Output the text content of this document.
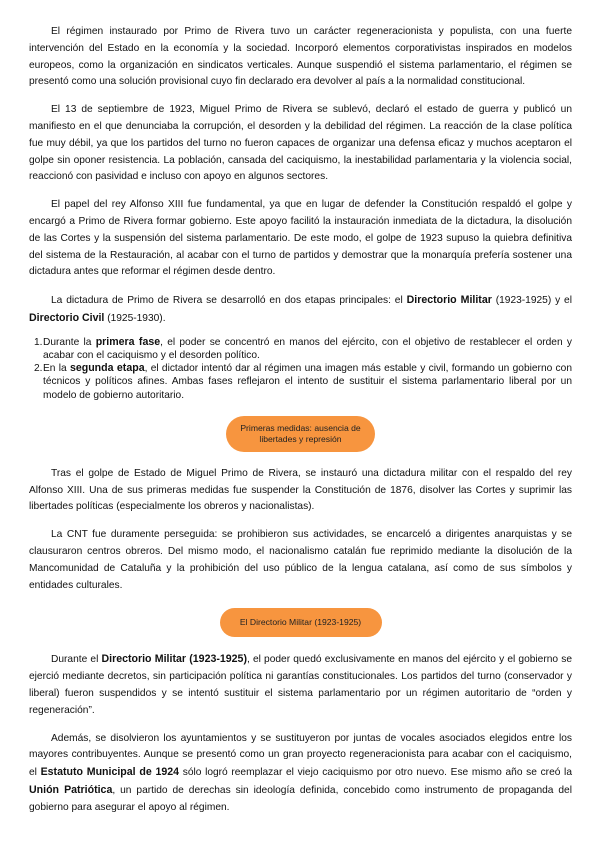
El régimen instaurado por Primo de Rivera tuvo un carácter regeneracionista y populista, con una fuerte intervención del Estado en la economía y la sociedad. Incorporó elementos corporativistas inspirados en modelos europeos, como la organización en sindicatos verticales. Aunque suspendió el sistema parlamentario, el régimen se presentó como una solución provisional cuyo fin declarado era devolver al país a la normalidad constitucional.

El 13 de septiembre de 1923, Miguel Primo de Rivera se sublevó, declaró el estado de guerra y publicó un manifiesto en el que denunciaba la corrupción, el desorden y la debilidad del régimen. La reacción de la clase política fue muy débil, ya que los partidos del turno no fueron capaces de organizar una defensa eficaz y muchos aceptaron el golpe sin oponer resistencia. La población, cansada del caciquismo, la inestabilidad parlamentaria y la violencia social, reaccionó con pasividad e incluso con apoyo en algunos sectores.

El papel del rey Alfonso XIII fue fundamental, ya que en lugar de defender la Constitución respaldó el golpe y encargó a Primo de Rivera formar gobierno. Este apoyo facilitó la instauración inmediata de la dictadura, la disolución de las Cortes y la suspensión del sistema parlamentario. De este modo, el golpe de 1923 supuso la quiebra definitiva del sistema de la Restauración, al acabar con el turno de partidos y demostrar que la monarquía prefería sostener una dictadura antes que reformar el régimen desde dentro.

La dictadura de Primo de Rivera se desarrolló en dos etapas principales: el Directorio Militar (1923-1925) y el Directorio Civil (1925-1930).

1. Durante la primera fase, el poder se concentró en manos del ejército, con el objetivo de restablecer el orden y acabar con el caciquismo y el desorden político.
2. En la segunda etapa, el dictador intentó dar al régimen una imagen más estable y civil, formando un gobierno con técnicos y políticos afines. Ambas fases reflejaron el intento de sustituir el sistema parlamentario liberal por un modelo de gobierno autoritario.
Primeras medidas: ausencia de
libertades y represión

Tras el golpe de Estado de Miguel Primo de Rivera, se instauró una dictadura militar con el respaldo del rey Alfonso XIII. Una de sus primeras medidas fue suspender la Constitución de 1876, disolver las Cortes y suprimir las libertades políticas (especialmente los obreros y nacionalistas).

La CNT fue duramente perseguida: se prohibieron sus actividades, se encarceló a dirigentes anarquistas y se clausuraron centros obreros. Del mismo modo, el nacionalismo catalán fue reprimido mediante la disolución de la Mancomunidad de Cataluña y la prohibición del uso público de la lengua catalana, así como de sus símbolos y entidades culturales.

El Directorio Militar (1923-1925)

Durante el Directorio Militar (1923-1925), el poder quedó exclusivamente en manos del ejército y el gobierno se ejerció mediante decretos, sin participación política ni garantías constitucionales. Los partidos del turno (conservador y liberal) fueron suspendidos y se intentó sustituir el sistema parlamentario por un régimen autoritario de “orden y regeneración”.

Además, se disolvieron los ayuntamientos y se sustituyeron por juntas de vocales asociados elegidos entre los mayores contribuyentes. Aunque se presentó como un gran proyecto regeneracionista para acabar con el caciquismo, el Estatuto Municipal de 1924 sólo logró reemplazar el viejo caciquismo por otro nuevo. Ese mismo año se creó la Unión Patriótica, un partido de derechas sin ideología definida, concebido como instrumento de propaganda del gobierno para asegurar el apoyo al régimen.
